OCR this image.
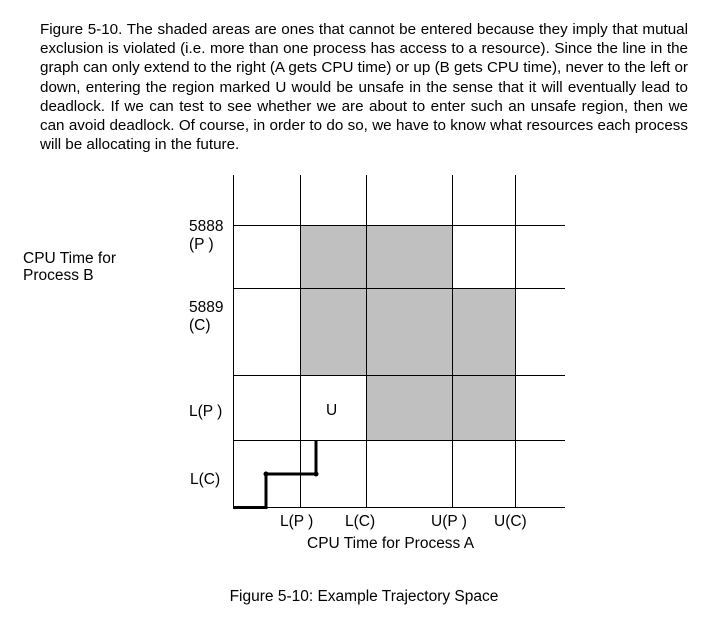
Figure 5-10. The shaded areas are ones that cannot be entered because they imply that mutual exclusion is violated (i.e. more than one process has access to a resource). Since the line in the graph can only extend to the right (A gets CPU time) or up (B gets CPU time), never to the left or down, entering the region marked U would be unsafe in the sense that it will eventually lead to deadlock. If we can test to see whether we are about to enter such an unsafe region, then we can avoid deadlock. Of course, in order to do so, we have to know what resources each process will be allocating in the future.
CPU Time for
Process B
5888
(P )
5889
(C)
L(P )
L(C)
L(P ) L(C)	U(P ) U(C)
CPU Time for Process A
U
Figure 5-10: Example Trajectory Space
